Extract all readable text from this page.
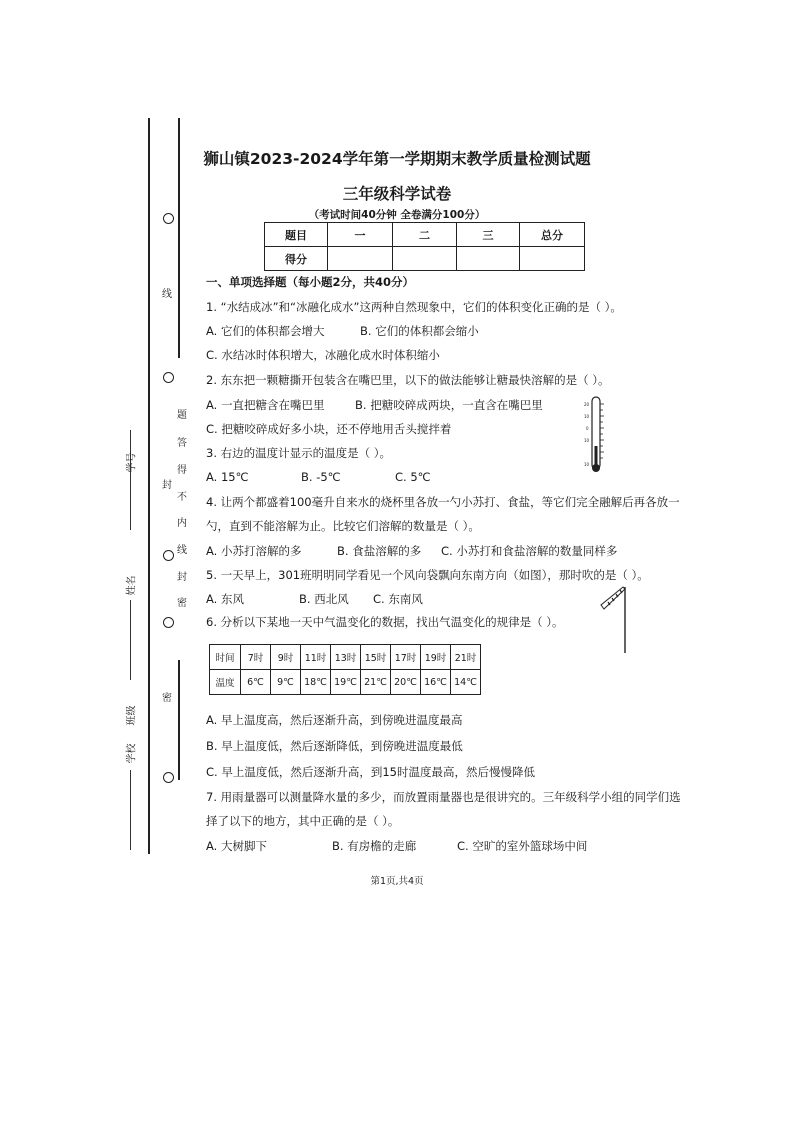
线
封
密
密
封
线
内
不
得
答
题
学号
姓名
班级
学校
狮山镇2023-2024学年第一学期期末教学质量检测试题
三年级科学试卷
（考试时间40分钟 全卷满分100分）
题目	一	二	三	总分
得分				
一、单项选择题（每小题2分，共40分）
1. “水结成冰”和“冰融化成水”这两种自然现象中，它们的体积变化正确的是（ ）。
A. 它们的体积都会增大	B. 它们的体积都会缩小
C. 水结冰时体积增大，冰融化成水时体积缩小
2. 东东把一颗糖撕开包装含在嘴巴里，以下的做法能够让糖最快溶解的是（ ）。
A. 一直把糖含在嘴巴里	B. 把糖咬碎成两块，一直含在嘴巴里
C. 把糖咬碎成好多小块，还不停地用舌头搅拌着
3. 右边的温度计显示的温度是（ ）。
A. 15℃	B. -5℃	C. 5℃
20
10
0
10
10
4. 让两个都盛着100毫升自来水的烧杯里各放一勺小苏打、食盐，等它们完全融解后再各放一
勺，直到不能溶解为止。比较它们溶解的数量是（ ）。
A. 小苏打溶解的多	B. 食盐溶解的多 C. 小苏打和食盐溶解的数量同样多
5. 一天早上，301班明明同学看见一个风向袋飘向东南方向（如图），那时吹的是（ ）。
A. 东风	B. 西北风 C. 东南风
6. 分析以下某地一天中气温变化的数据，找出气温变化的规律是（ ）。
时间	7时	9时	11时	13时	15时	17时	19时	21时
温度	6℃	9℃	18℃	19℃	21℃	20℃	16℃	14℃
A. 早上温度高，然后逐渐升高，到傍晚进温度最高
B. 早上温度低，然后逐渐降低，到傍晚进温度最低
C. 早上温度低，然后逐渐升高，到15时温度最高，然后慢慢降低
7. 用雨量器可以测量降水量的多少，而放置雨量器也是很讲究的。三年级科学小组的同学们选
择了以下的地方，其中正确的是（ ）。
A. 大树脚下	B. 有房檐的走廊	C. 空旷的室外篮球场中间
第1页,共4页
